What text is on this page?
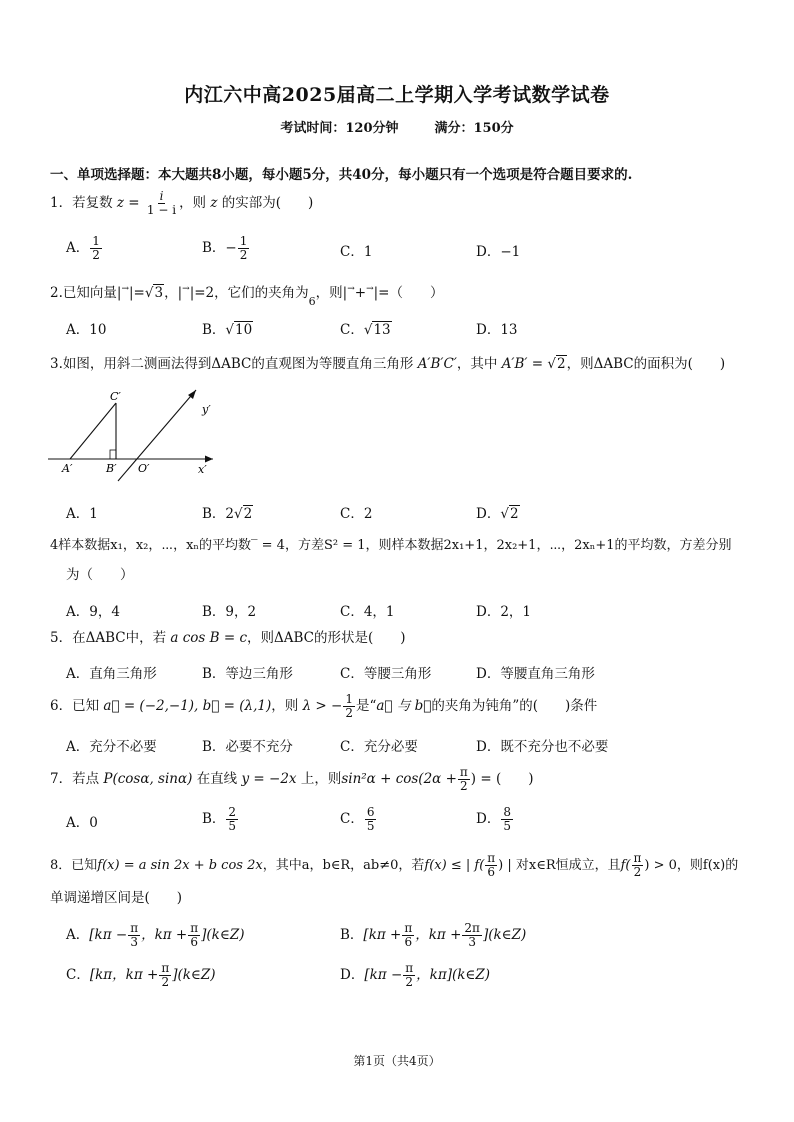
内江六中高2025届高二上学期入学考试数学试卷
考试时间：120分钟	满分：150分
一、单项选择题：本大题共8小题，每小题5分，共40分，每小题只有一个选项是符合题目要求的.
1．若复数 $z = \frac{i}{1 - i}$ ，则 z 的实部为(　　)
A． $\frac{1}{2}$	B．− $\frac{1}{2}$	C．1	D．−1
2.已知向量|→|=√3，|→|=2，它们的夹角为$_6$，则|→+→|=（　　）
A．10	B．√10	C．√13	D．13
3.如图，用斜二测画法得到ΔABC的直观图为等腰直角三角形 A′B′C′，其中 A′B′ = √2，则ΔABC的面积为(　　)
A′	B′
C′
O′	x′
y′
A．1	B．2√2	C．2	D．√2
4样本数据x₁，x₂，⋯，xₙ的平均数‾ = 4，方差S² = 1，则样本数据2x₁+1，2x₂+1，⋯，2xₙ+1的平均数，方差分别
为（　　）
A．9，4	B．9，2	C．4，1	D．2，1
5．在ΔABC中，若 a cos B = c，则ΔABC的形状是(　　)
A．直角三角形	B．等边三角形	C．等腰三角形	D．等腰直角三角形
6．已知 a⃗ = (−2,−1), b⃗ = (λ,1)，则 λ > − $\frac{1}{2}$ 是“a⃗ 与 b⃗的夹角为钝角”的(　　)条件
A．充分不必要	B．必要不充分	C．充分必要	D．既不充分也不必要
7．若点 P(cosα, sinα) 在直线 y = −2x 上，则$\sin^2\alpha + \cos(2\alpha + \frac{\pi}{2}$ ) = (　　)
A．0	B． $\frac{2}{5}$	C． $\frac{6}{5}$	D． $\frac{8}{5}$
8．已知f(x) = a sin 2x + b cos 2x，其中a，b∈R，ab≠0，若f(x) ≤ | $f( \frac{\pi}{6}$ ) | 对x∈R恒成立，且$f( \frac{\pi}{2}$ ) > 0，则f(x)的
单调递增区间是(　　)
A．[$k\pi - \frac{\pi}{3}$ ，$k\pi + \frac{\pi}{6}$ ](k∈Z)	B．[$k\pi + \frac{\pi}{6}$ ，$k\pi + \frac{2\pi}{3}$ ](k∈Z)
C．[kπ，$k\pi + \frac{\pi}{2}$ ](k∈Z)	D．[$k\pi - \frac{\pi}{2}$ ，kπ](k∈Z)
第1页（共4页）
